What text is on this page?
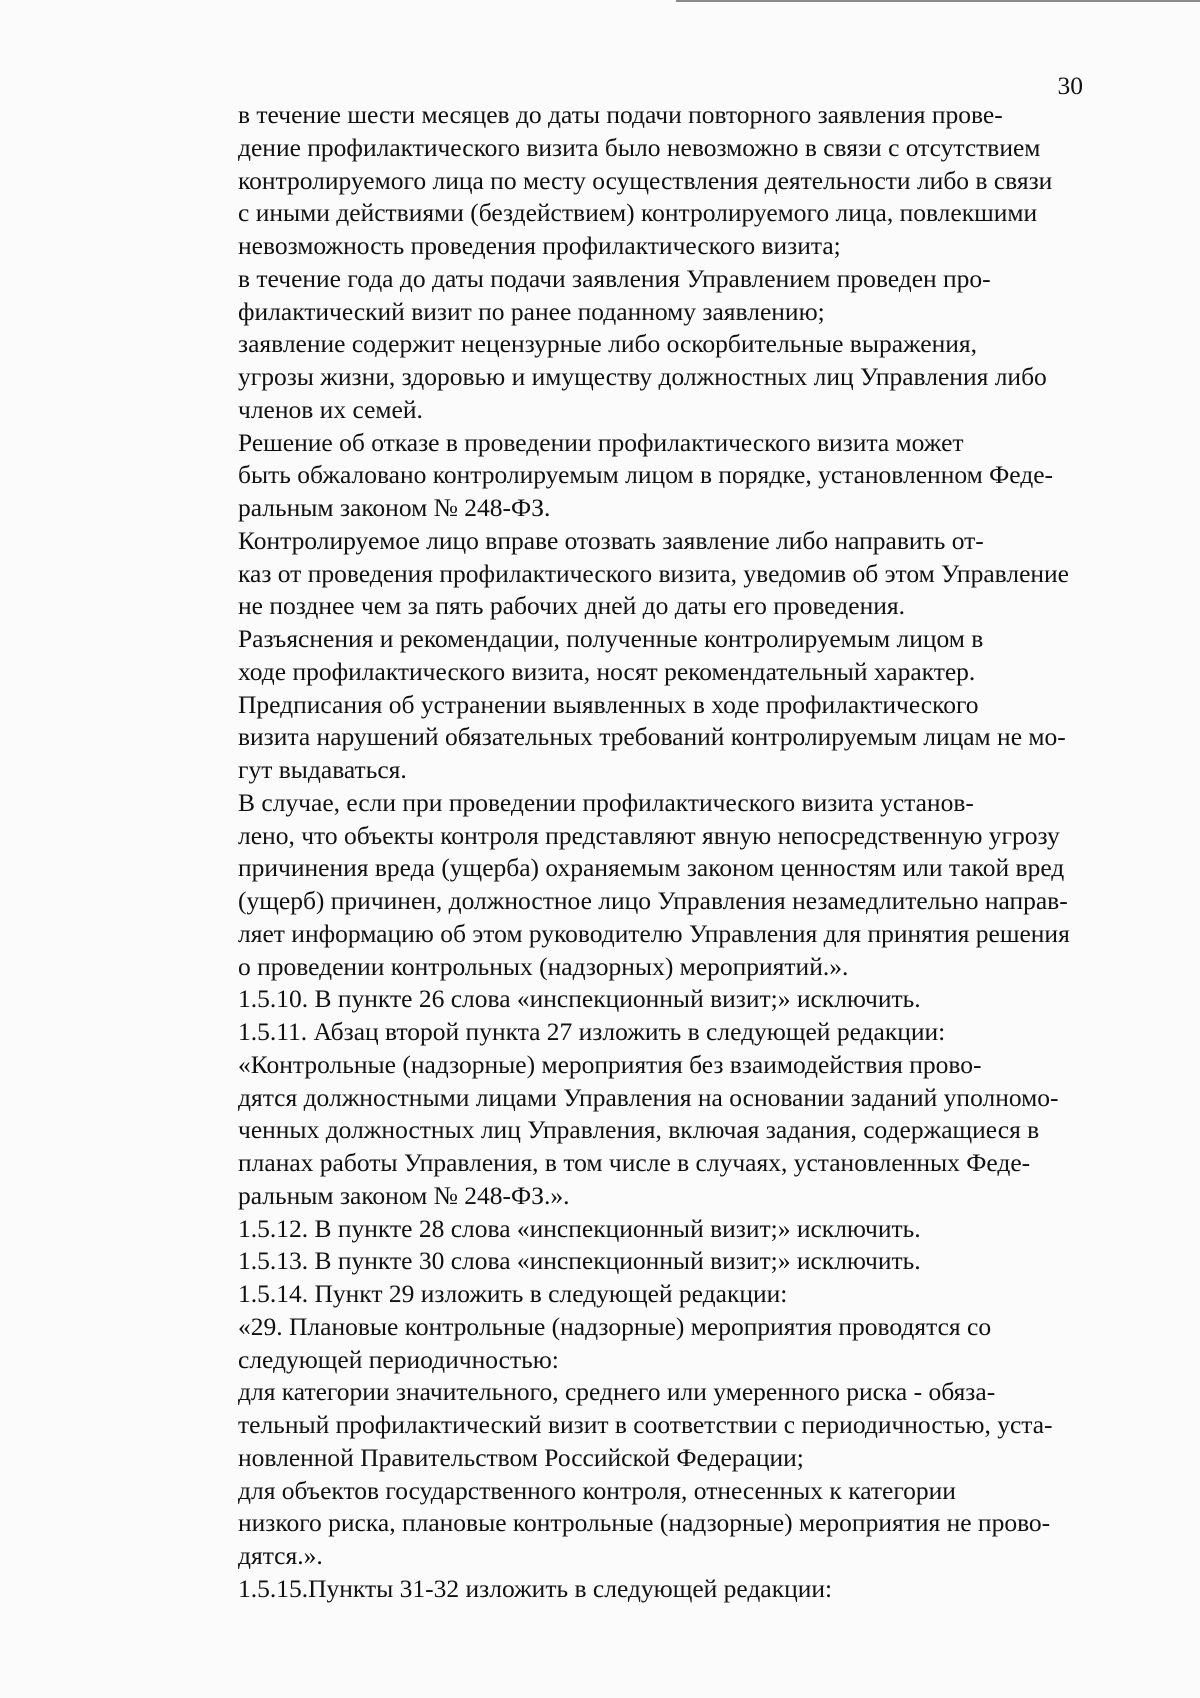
30

в течение шести месяцев до даты подачи повторного заявления прове-
дение профилактического визита было невозможно в связи с отсутствием
контролируемого лица по месту осуществления деятельности либо в связи
с иными действиями (бездействием) контролируемого лица, повлекшими
невозможность проведения профилактического визита;

в течение года до даты подачи заявления Управлением проведен про-
филактический визит по ранее поданному заявлению;

заявление содержит нецензурные либо оскорбительные выражения,
угрозы жизни, здоровью и имуществу должностных лиц Управления либо
членов их семей.

Решение об отказе в проведении профилактического визита может
быть обжаловано контролируемым лицом в порядке, установленном Феде-
ральным законом № 248-ФЗ.

Контролируемое лицо вправе отозвать заявление либо направить от-
каз от проведения профилактического визита, уведомив об этом Управление
не позднее чем за пять рабочих дней до даты его проведения.

Разъяснения и рекомендации, полученные контролируемым лицом в
ходе профилактического визита, носят рекомендательный характер.

Предписания об устранении выявленных в ходе профилактического
визита нарушений обязательных требований контролируемым лицам не мо-
гут выдаваться.

В случае, если при проведении профилактического визита установ-
лено, что объекты контроля представляют явную непосредственную угрозу
причинения вреда (ущерба) охраняемым законом ценностям или такой вред
(ущерб) причинен, должностное лицо Управления незамедлительно направ-
ляет информацию об этом руководителю Управления для принятия решения
о проведении контрольных (надзорных) мероприятий.».

1.5.10. В пункте 26 слова «инспекционный визит;» исключить.

1.5.11. Абзац второй пункта 27 изложить в следующей редакции:

«Контрольные (надзорные) мероприятия без взаимодействия прово-
дятся должностными лицами Управления на основании заданий уполномо-
ченных должностных лиц Управления, включая задания, содержащиеся в
планах работы Управления, в том числе в случаях, установленных Феде-
ральным законом № 248-ФЗ.».

1.5.12. В пункте 28 слова «инспекционный визит;» исключить.

1.5.13. В пункте 30 слова «инспекционный визит;» исключить.

1.5.14. Пункт 29 изложить в следующей редакции:

«29. Плановые контрольные (надзорные) мероприятия проводятся со
следующей периодичностью:

для категории значительного, среднего или умеренного риска - обяза-
тельный профилактический визит в соответствии с периодичностью, уста-
новленной Правительством Российской Федерации;

для объектов государственного контроля, отнесенных к категории
низкого риска, плановые контрольные (надзорные) мероприятия не прово-
дятся.».

1.5.15.Пункты 31-32 изложить в следующей редакции:
